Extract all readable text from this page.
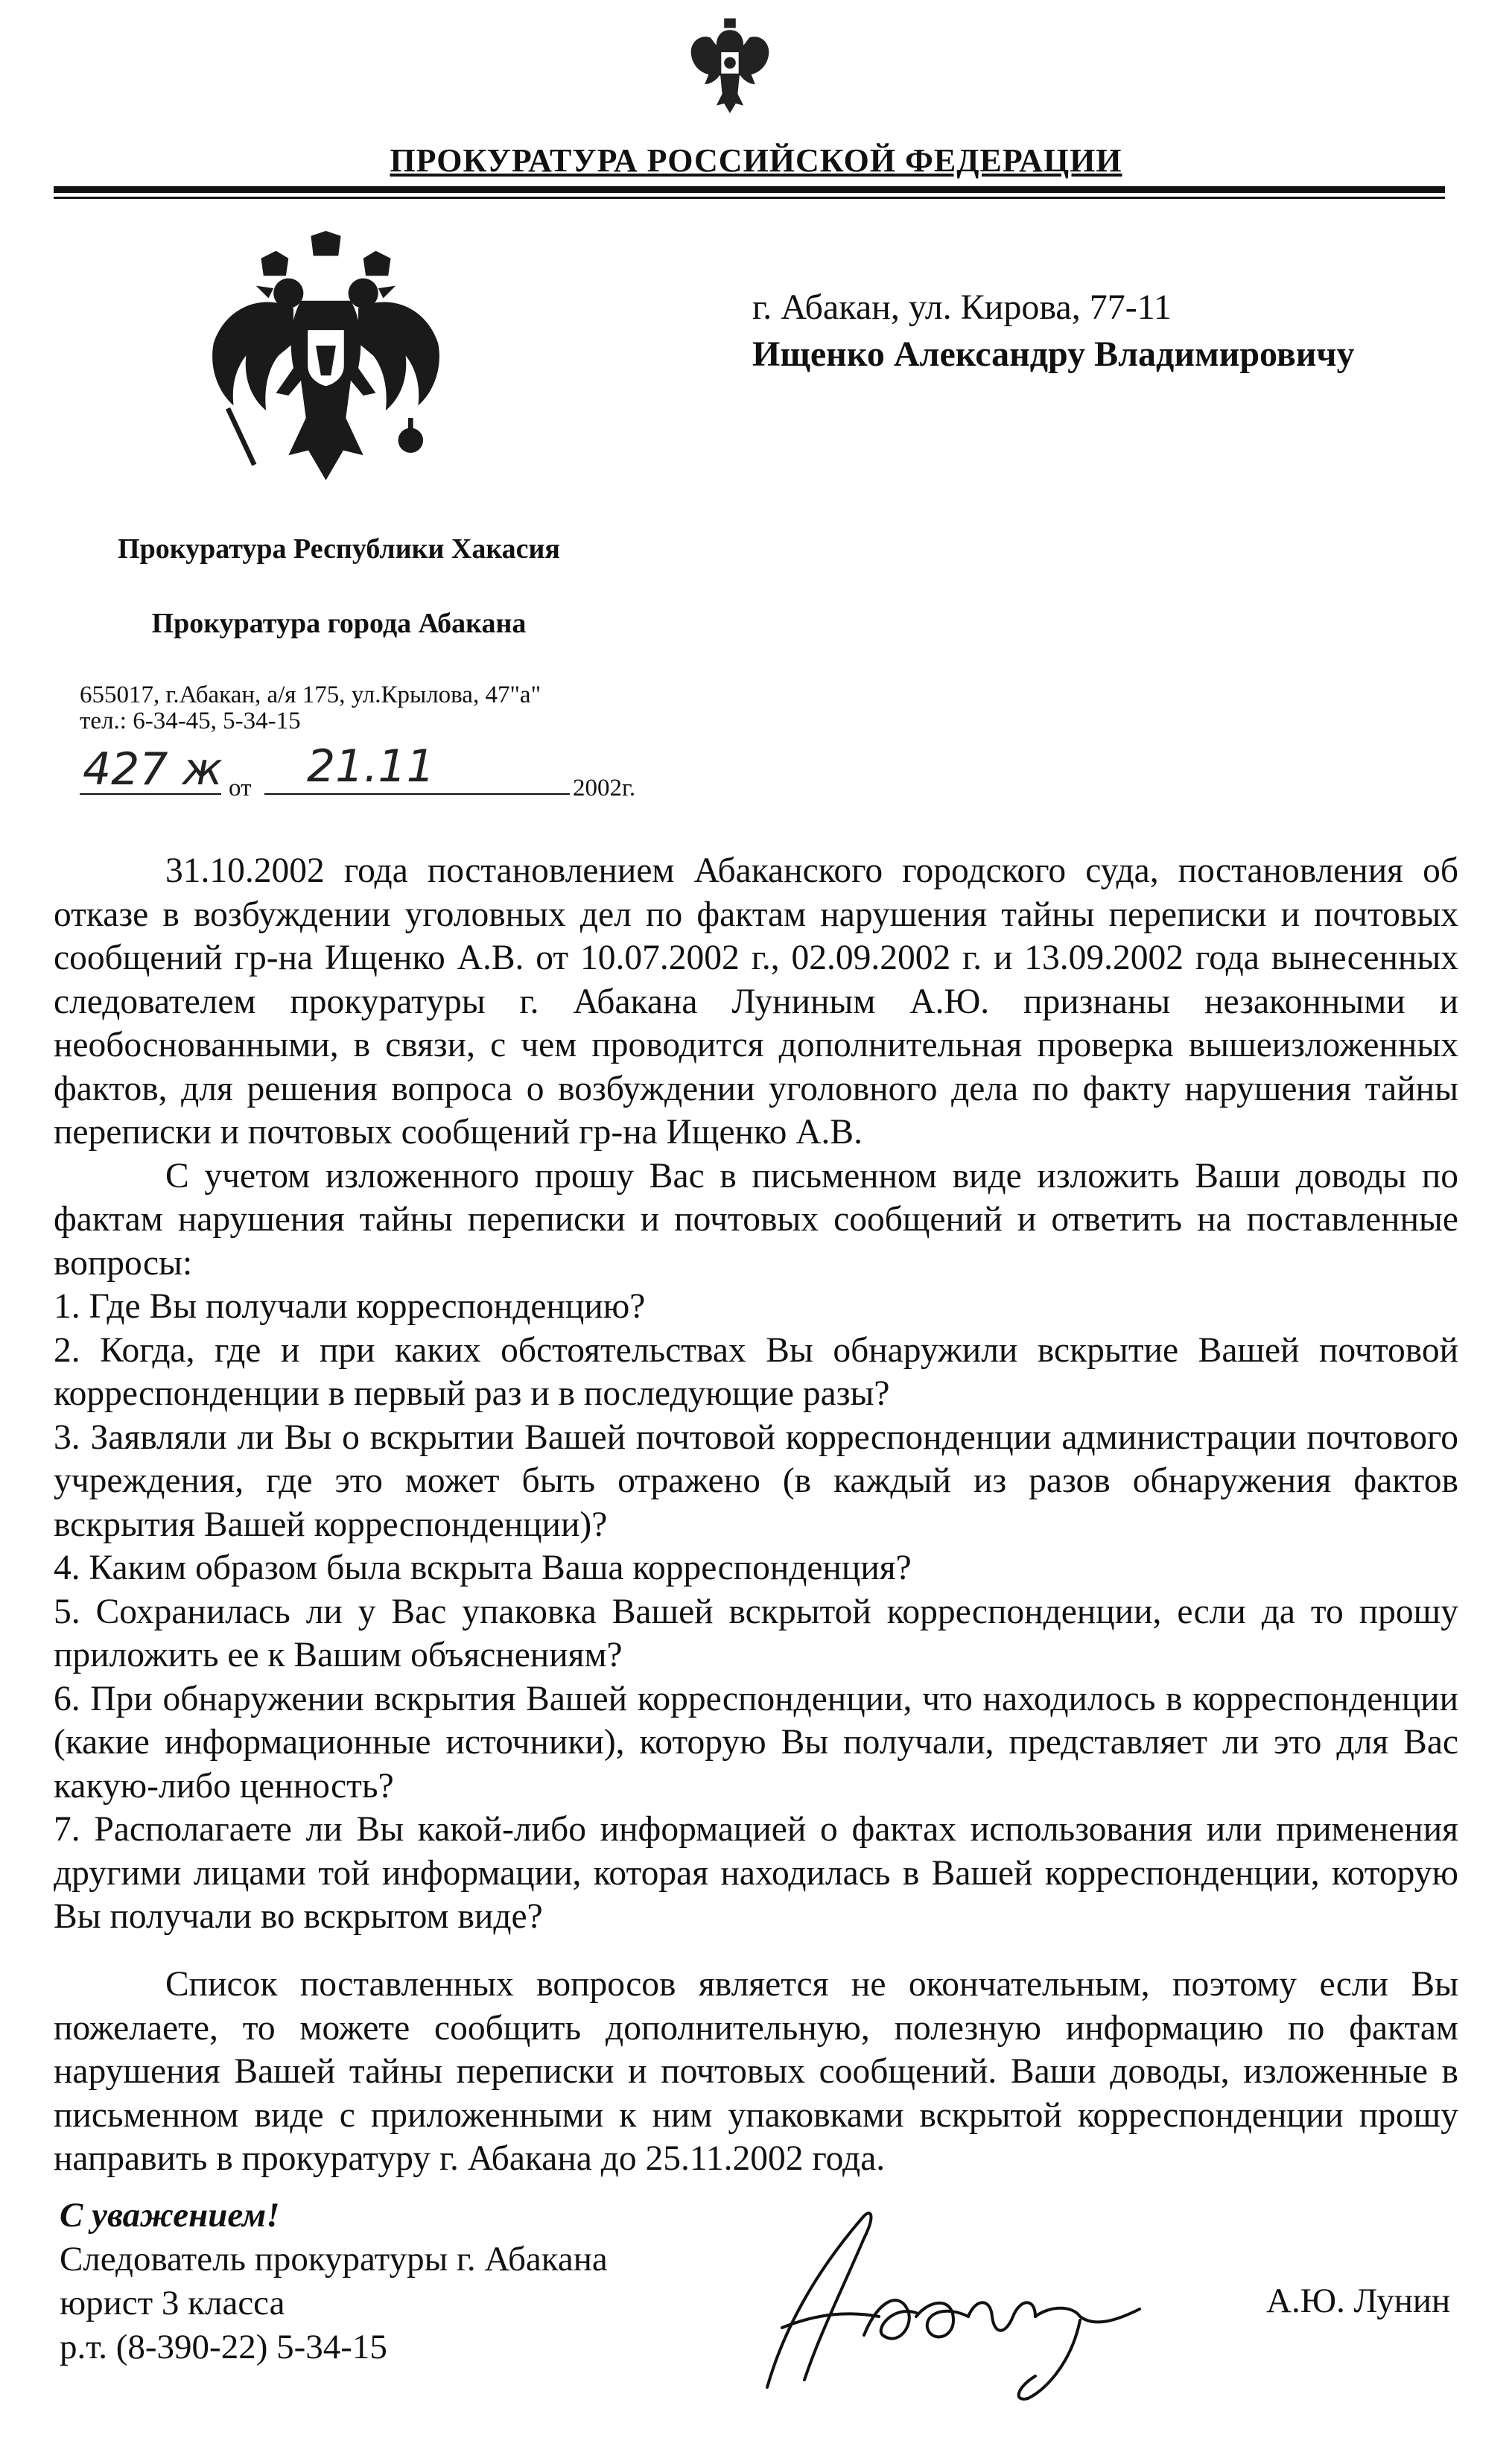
ПРОКУРАТУРА РОССИЙСКОЙ ФЕДЕРАЦИИ
г. Абакан, ул. Кирова, 77-11
Ищенко Александру Владимировичу
Прокуратура Республики Хакасия
Прокуратура города Абакана
655017, г.Абакан, а/я 175, ул.Крылова, 47"а"
тел.: 6-34-45, 5-34-15
427 ж от 21.11	2002г.

31.10.2002 года постановлением Абаканского городского суда, постановления об отказе в возбуждении уголовных дел по фактам нарушения тайны переписки и почтовых сообщений гр-на Ищенко А.В. от 10.07.2002 г., 02.09.2002 г. и 13.09.2002 года вынесенных следователем прокуратуры г. Абакана Луниным А.Ю. признаны незаконными и необоснованными, в связи, с чем проводится дополнительная проверка вышеизложенных фактов, для решения вопроса о возбуждении уголовного дела по факту нарушения тайны переписки и почтовых сообщений гр-на Ищенко А.В.

С учетом изложенного прошу Вас в письменном виде изложить Ваши доводы по фактам нарушения тайны переписки и почтовых сообщений и ответить на поставленные вопросы:

1. Где Вы получали корреспонденцию?

2. Когда, где и при каких обстоятельствах Вы обнаружили вскрытие Вашей почтовой корреспонденции в первый раз и в последующие разы?

3. Заявляли ли Вы о вскрытии Вашей почтовой корреспонденции администрации почтового учреждения, где это может быть отражено (в каждый из разов обнаружения фактов вскрытия Вашей корреспонденции)?

4. Каким образом была вскрыта Ваша корреспонденция?

5. Сохранилась ли у Вас упаковка Вашей вскрытой корреспонденции, если да то прошу приложить ее к Вашим объяснениям?

6. При обнаружении вскрытия Вашей корреспонденции, что находилось в корреспонденции (какие информационные источники), которую Вы получали, представляет ли это для Вас какую-либо ценность?

7. Располагаете ли Вы какой-либо информацией о фактах использования или применения другими лицами той информации, которая находилась в Вашей корреспонденции, которую Вы получали во вскрытом виде?

Список поставленных вопросов является не окончательным, поэтому если Вы пожелаете, то можете сообщить дополнительную, полезную информацию по фактам нарушения Вашей тайны переписки и почтовых сообщений. Ваши доводы, изложенные в письменном виде с приложенными к ним упаковками вскрытой корреспонденции прошу направить в прокуратуру г. Абакана до 25.11.2002 года.

С уважением!
Следователь прокуратуры г. Абакана
юрист 3 класса
р.т. (8-390-22) 5-34-15
А.Ю. Лунин
